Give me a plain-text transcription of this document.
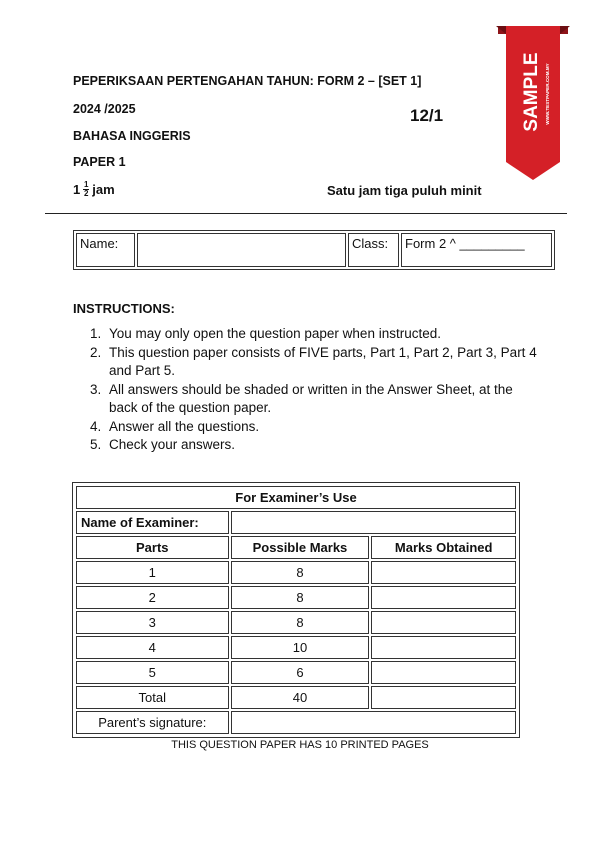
PEPERIKSAAN PERTENGAHAN TAHUN: FORM 2 – [SET 1]
2024 /2025
BAHASA INGGERIS
PAPER 1
$1 \frac{1}{2}$ jam
12/1
Satu jam tiga puluh minit
SAMPLE WWW.TESTPAPER.COM.MY
Name:	Class:	Form 2 ^ _________
INSTRUCTIONS:
1. You may only open the question paper when instructed.
2. This question paper consists of FIVE parts, Part 1, Part 2, Part 3, Part 4 and Part 5.
3. All answers should be shaded or written in the Answer Sheet, at the back of the question paper.
4. Answer all the questions.
5. Check your answers.
For Examiner’s Use		
Name of Examiner:		
Parts	Possible Marks	Marks Obtained
1	8	
2	8	
3	8	
4	10	
5	6	
Total	40	
Parent’s signature:		
THIS QUESTION PAPER HAS 10 PRINTED PAGES
